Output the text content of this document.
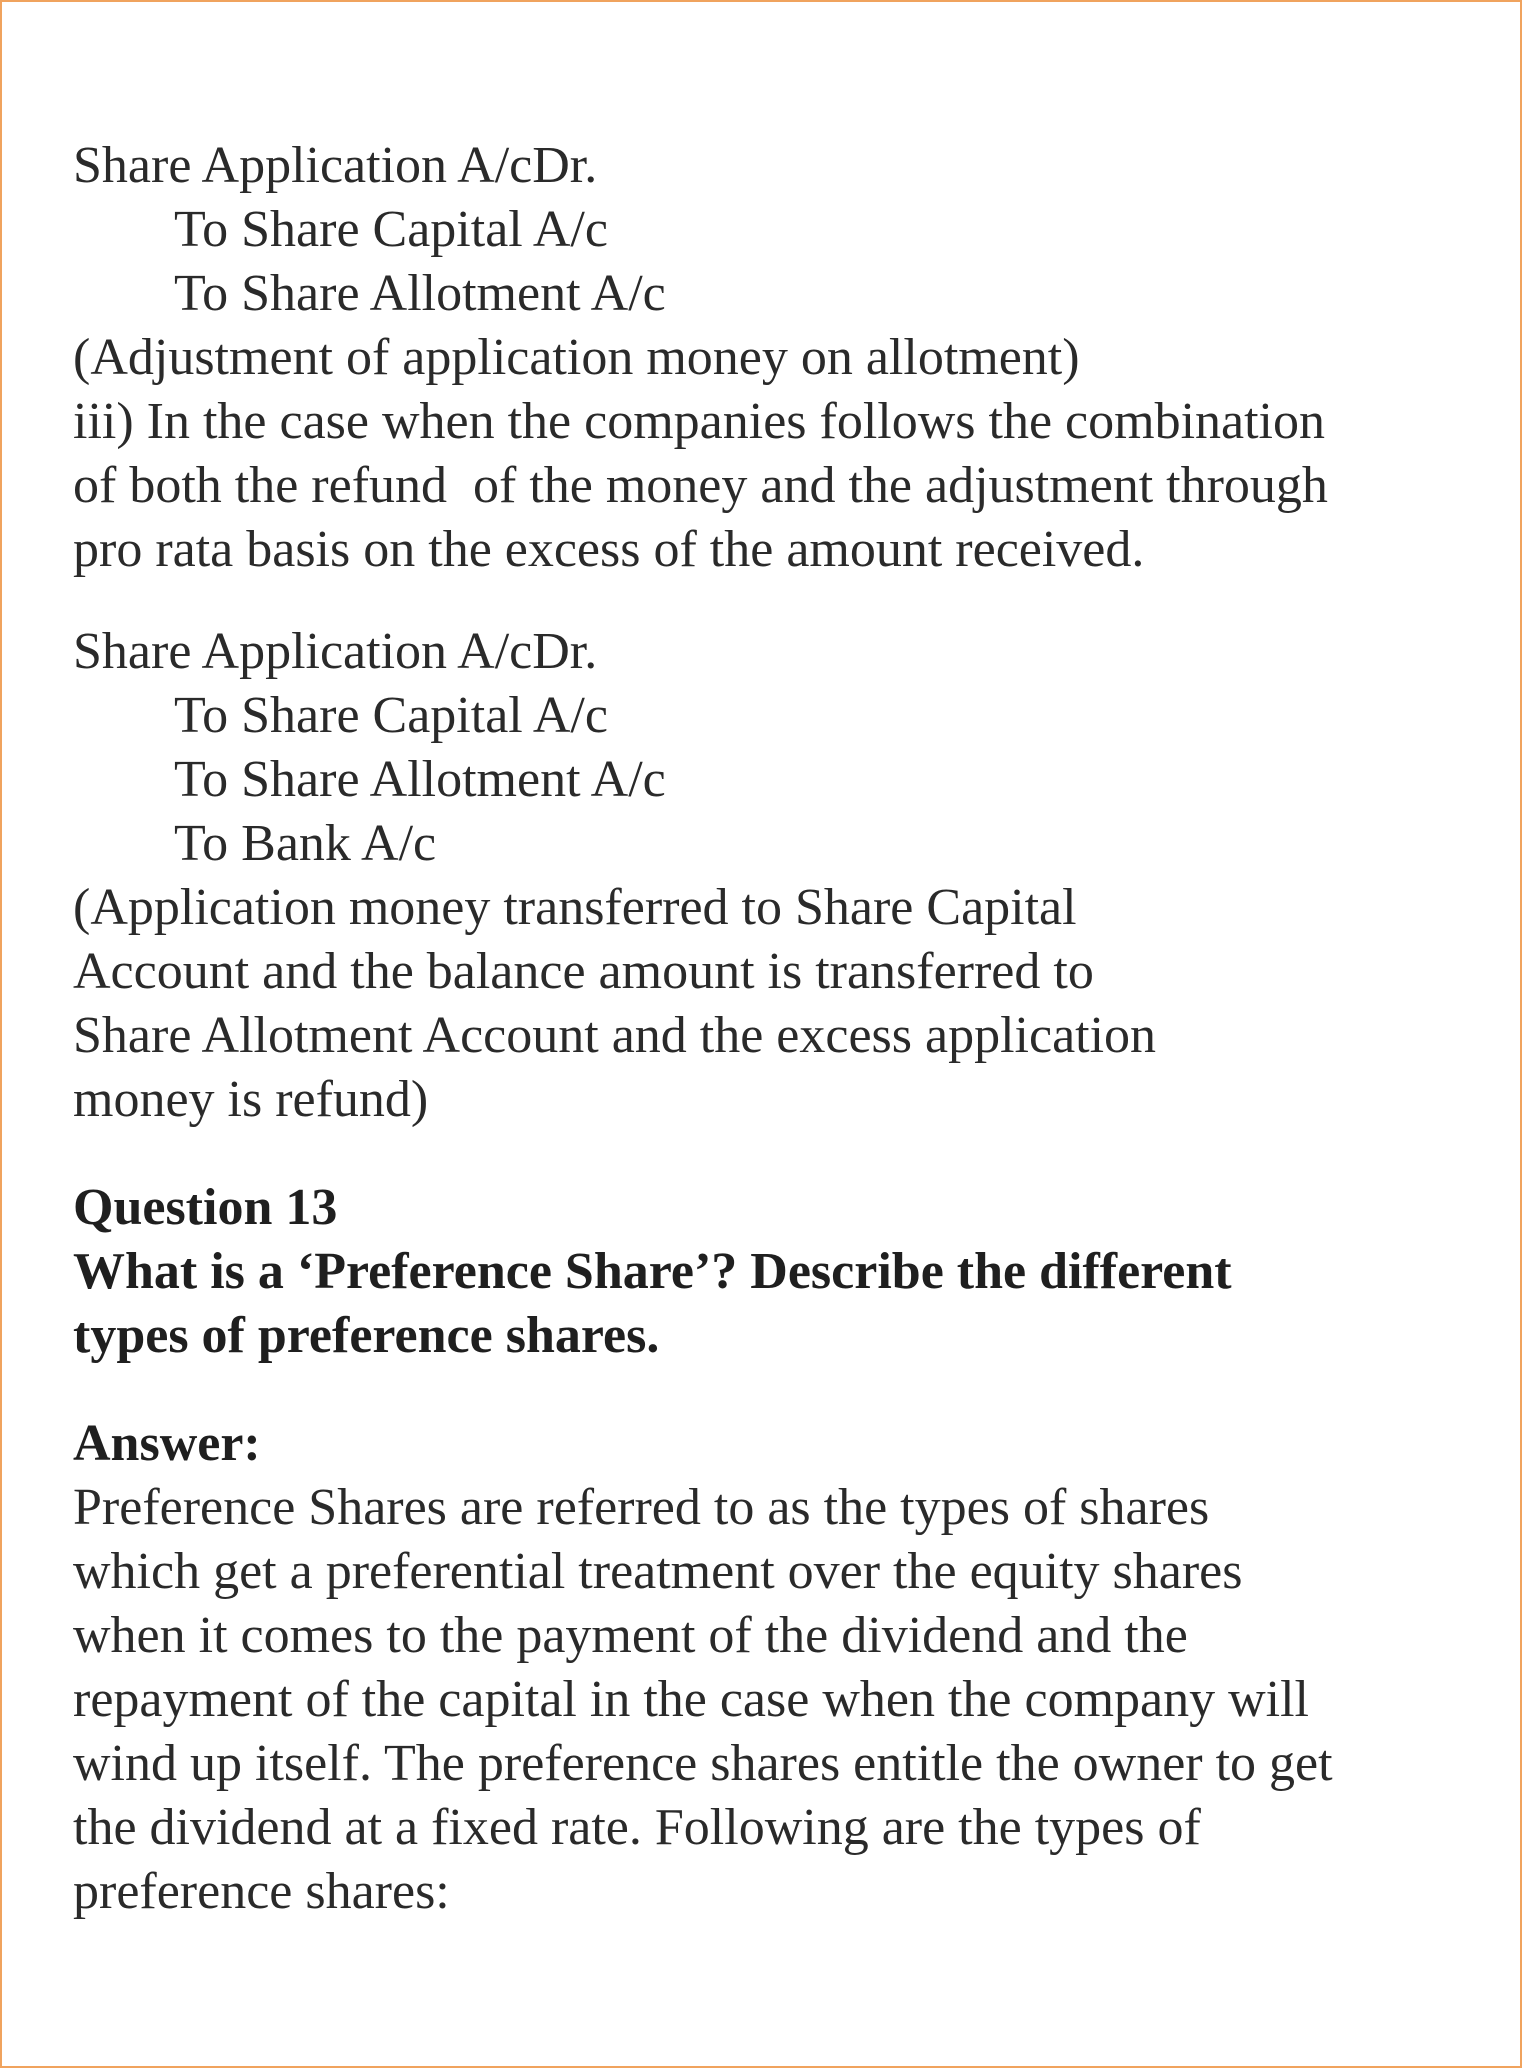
Share Application A/cDr.

To Share Capital A/c

To Share Allotment A/c

(Adjustment of application money on allotment)

iii) In the case when the companies follows the combination

of both the refund  of the money and the adjustment through

pro rata basis on the excess of the amount received.

Share Application A/cDr.

To Share Capital A/c

To Share Allotment A/c

To Bank A/c

(Application money transferred to Share Capital

Account and the balance amount is transferred to

Share Allotment Account and the excess application

money is refund)

Question 13

What is a ‘Preference Share’? Describe the different

types of preference shares.

Answer:

Preference Shares are referred to as the types of shares

which get a preferential treatment over the equity shares

when it comes to the payment of the dividend and the

repayment of the capital in the case when the company will

wind up itself. The preference shares entitle the owner to get

the dividend at a fixed rate. Following are the types of

preference shares:
